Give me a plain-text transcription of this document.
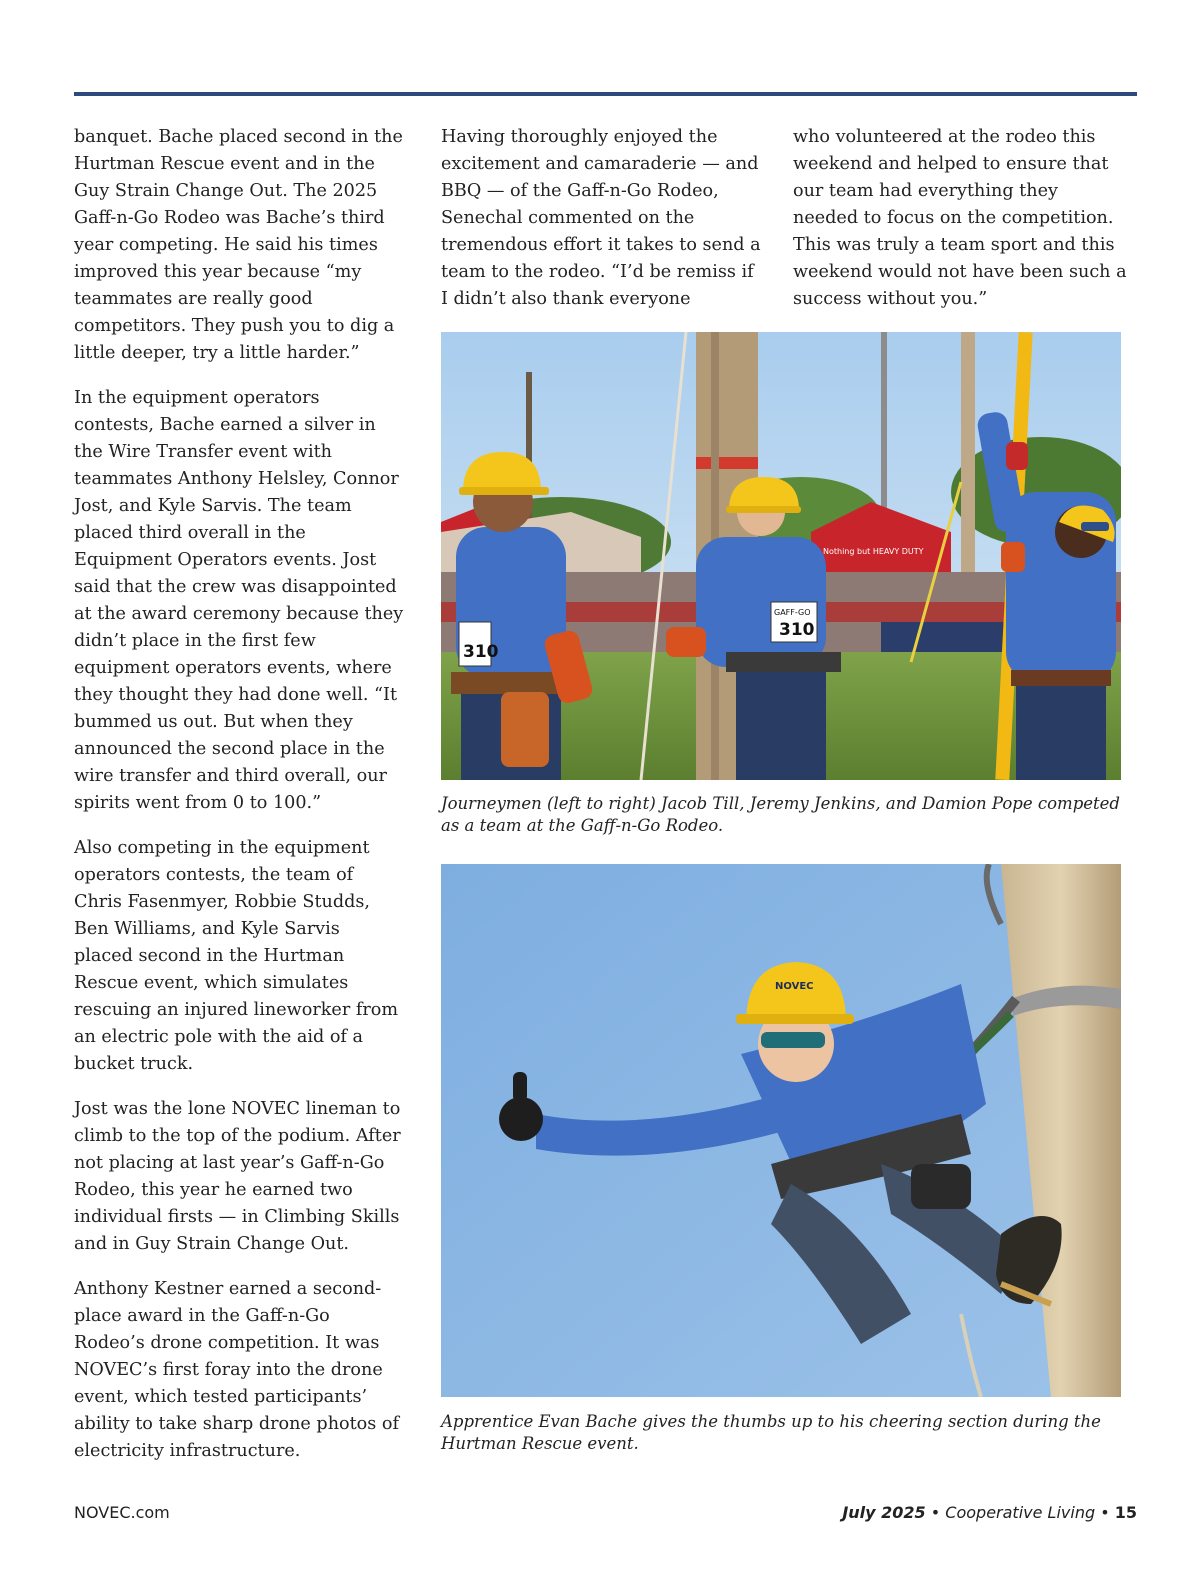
banquet. Bache placed second in the Hurtman Rescue event and in the Guy Strain Change Out. The 2025 Gaff-n-Go Rodeo was Bache’s third year competing. He said his times improved this year because “my teammates are really good competitors. They push you to dig a little deeper, try a little harder.”

In the equipment operators contests, Bache earned a silver in the Wire Transfer event with teammates Anthony Helsley, Connor Jost, and Kyle Sarvis. The team placed third overall in the Equipment Operators events. Jost said that the crew was disappointed at the award ceremony because they didn’t place in the first few equipment operators events, where they thought they had done well. “It bummed us out. But when they announced the second place in the wire transfer and third overall, our spirits went from 0 to 100.”

Also competing in the equipment operators contests, the team of Chris Fasenmyer, Robbie Studds, Ben Williams, and Kyle Sarvis placed second in the Hurtman Rescue event, which simulates rescuing an injured lineworker from an electric pole with the aid of a bucket truck.

Jost was the lone NOVEC lineman to climb to the top of the podium. After not placing at last year’s Gaff-n-Go Rodeo, this year he earned two individual firsts — in Climbing Skills and in Guy Strain Change Out.

Anthony Kestner earned a second-place award in the Gaff-n-Go Rodeo’s drone competition. It was NOVEC’s first foray into the drone event, which tested participants’ ability to take sharp drone photos of electricity infrastructure.

Having thoroughly enjoyed the excitement and camaraderie — and BBQ — of the Gaff-n-Go Rodeo, Senechal commented on the tremendous effort it takes to send a team to the rodeo. “I’d be remiss if I didn’t also thank everyone

who volunteered at the rodeo this weekend and helped to ensure that our team had everything they needed to focus on the competition. This was truly a team sport and this weekend would not have been such a success without you.”

Nothing but HEAVY DUTY
310
GAFF-GO
310
Journeymen (left to right) Jacob Till, Jeremy Jenkins, and Damion Pope competed as a team at the Gaff-n-Go Rodeo.
NOVEC
Apprentice Evan Bache gives the thumbs up to his cheering section during the Hurtman Rescue event.
NOVEC.com	July 2025 • Cooperative Living • 15
